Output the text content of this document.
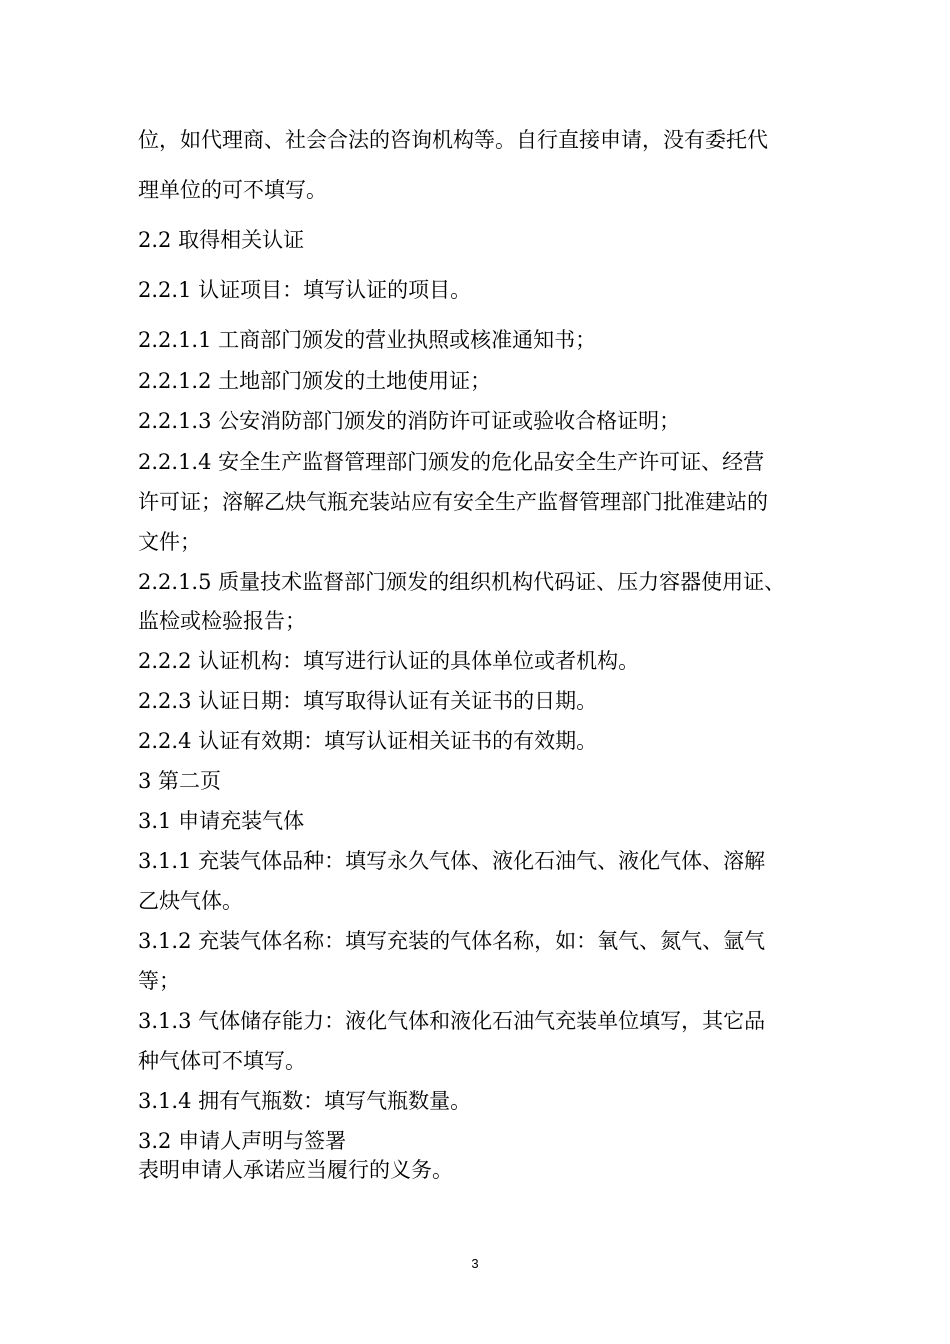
位，如代理商、社会合法的咨询机构等。自行直接申请，没有委托代

理单位的可不填写。

2.2 取得相关认证

2.2.1 认证项目：填写认证的项目。

2.2.1.1 工商部门颁发的营业执照或核准通知书；

2.2.1.2 土地部门颁发的土地使用证；

2.2.1.3 公安消防部门颁发的消防许可证或验收合格证明；

2.2.1.4 安全生产监督管理部门颁发的危化品安全生产许可证、经营

许可证；溶解乙炔气瓶充装站应有安全生产监督管理部门批准建站的

文件；

2.2.1.5 质量技术监督部门颁发的组织机构代码证、压力容器使用证、

监检或检验报告；

2.2.2 认证机构：填写进行认证的具体单位或者机构。

2.2.3 认证日期：填写取得认证有关证书的日期。

2.2.4 认证有效期：填写认证相关证书的有效期。

3 第二页

3.1 申请充装气体

3.1.1 充装气体品种：填写永久气体、液化石油气、液化气体、溶解

乙炔气体。

3.1.2 充装气体名称：填写充装的气体名称，如：氧气、氮气、氩气

等；

3.1.3 气体储存能力：液化气体和液化石油气充装单位填写，其它品

种气体可不填写。

3.1.4 拥有气瓶数：填写气瓶数量。

3.2 申请人声明与签署

表明申请人承诺应当履行的义务。

3
